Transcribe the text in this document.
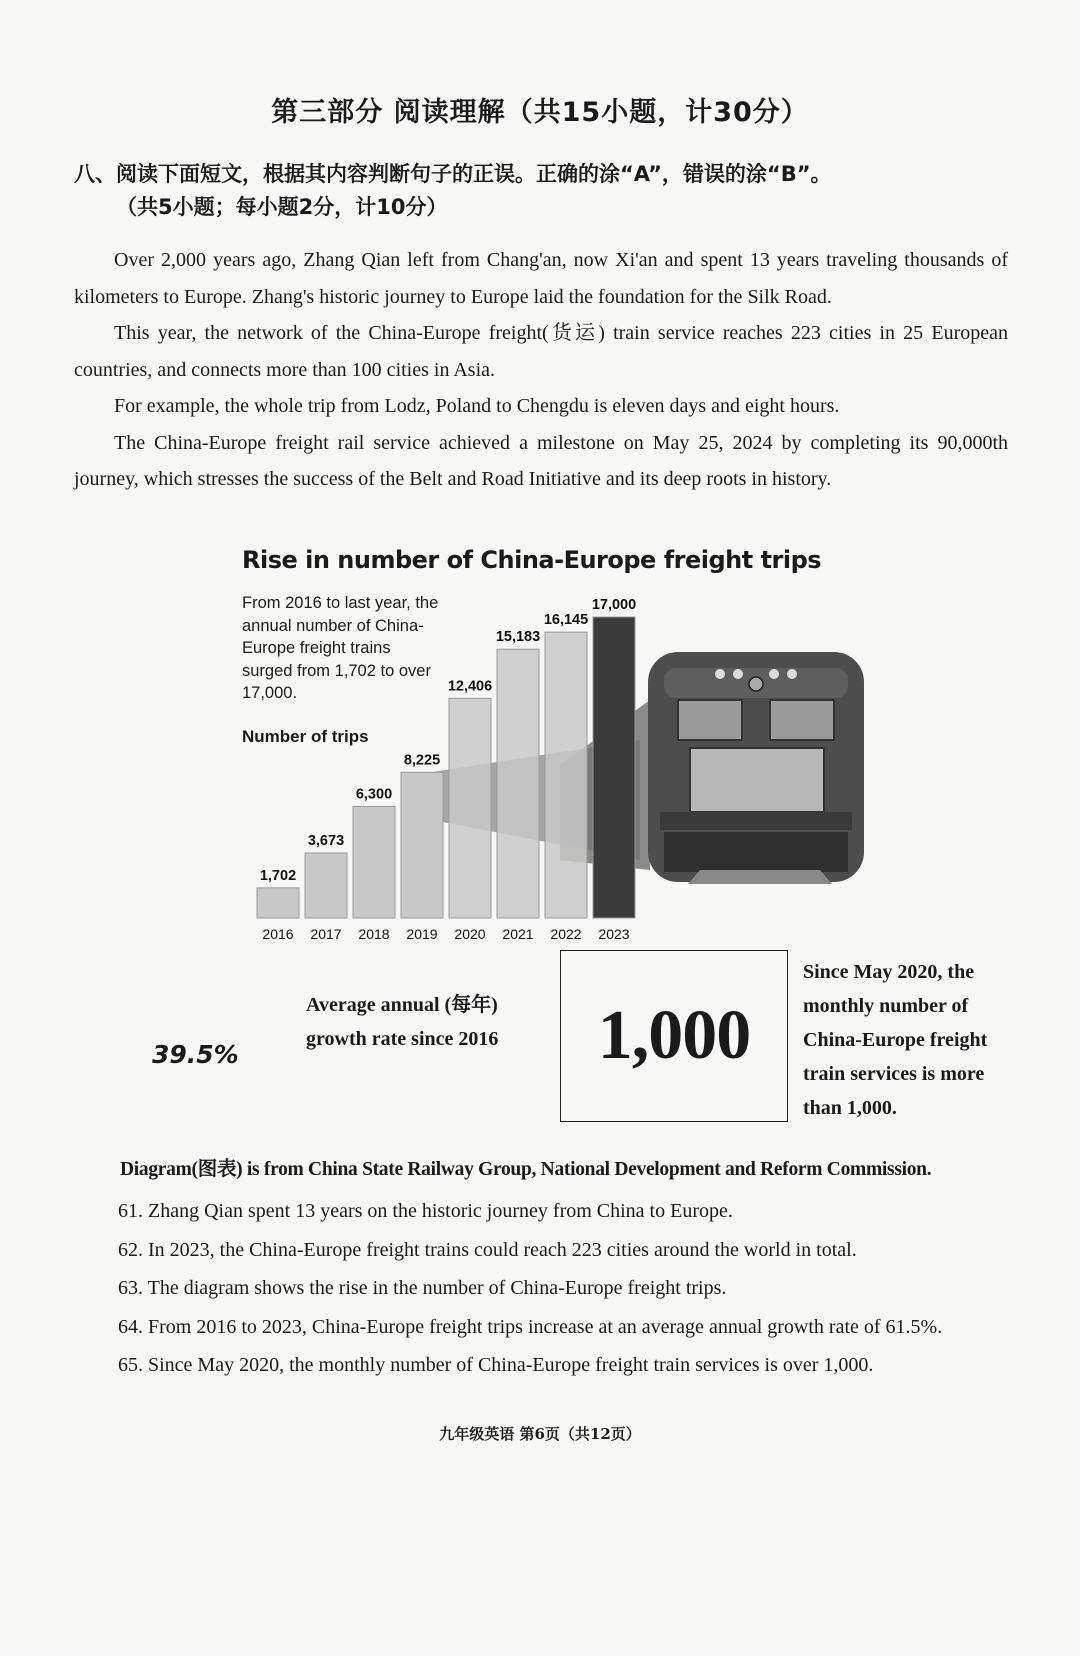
第三部分 阅读理解（共15小题，计30分）
八、阅读下面短文，根据其内容判断句子的正误。正确的涂“A”，错误的涂“B”。
（共5小题；每小题2分，计10分）

Over 2,000 years ago, Zhang Qian left from Chang'an, now Xi'an and spent 13 years traveling thousands of kilometers to Europe. Zhang's historic journey to Europe laid the foundation for the Silk Road.

This year, the network of the China-Europe freight(货运) train service reaches 223 cities in 25 European countries, and connects more than 100 cities in Asia.

For example, the whole trip from Lodz, Poland to Chengdu is eleven days and eight hours.

The China-Europe freight rail service achieved a milestone on May 25, 2024 by completing its 90,000th journey, which stresses the success of the Belt and Road Initiative and its deep roots in history.

1,702
2016
3,673
2017
6,300
2018
8,225
2019
12,406
2020
15,183
2021
16,145
2022
17,000
2023
Rise in number of China-Europe freight trips
From 2016 to last year, the annual number of China-Europe freight trains surged from 1,702 to over 17,000.
Number of trips
39.5%
Average annual (每年) growth rate since 2016	1,000
Since May 2020, the monthly number of China-Europe freight train services is more than 1,000.
Diagram(图表) is from China State Railway Group, National Development and Reform Commission.
61. Zhang Qian spent 13 years on the historic journey from China to Europe.
62. In 2023, the China-Europe freight trains could reach 223 cities around the world in total.
63. The diagram shows the rise in the number of China-Europe freight trips.
64. From 2016 to 2023, China-Europe freight trips increase at an average annual growth rate of 61.5%.
65. Since May 2020, the monthly number of China-Europe freight train services is over 1,000.
九年级英语 第6页（共12页）
